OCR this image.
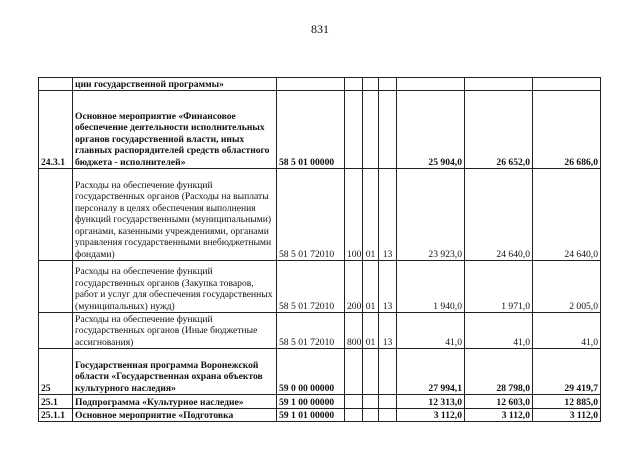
831
	ции государственной программы»							
24.3.1	Основное мероприятие «Финансовое обеспечение деятельности исполнительных органов государственной власти, иных главных распорядителей средств областного бюджета - исполнителей»	58 5 01 00000				25 904,0	26 652,0	26 686,0
	Расходы на обеспечение функций государственных органов (Расходы на выплаты персоналу в целях обеспечения выполнения функций государственными (муниципальными) органами, казенными учреждениями, органами управления государственными внебюджетными фондами)	58 5 01 72010	100	01	13	23 923,0	24 640,0	24 640,0
	Расходы на обеспечение функций государственных органов (Закупка товаров, работ и услуг для обеспечения государственных (муниципальных) нужд)	58 5 01 72010	200	01	13	1 940,0	1 971,0	2 005,0
	Расходы на обеспечение функций государственных органов (Иные бюджетные ассигнования)	58 5 01 72010	800	01	13	41,0	41,0	41,0
25	Государственная программа Воронежской области «Государственная охрана объектов культурного наследия»	59 0 00 00000				27 994,1	28 798,0	29 419,7
25.1	Подпрограмма «Культурное наследие»	59 1 00 00000				12 313,0	12 603,0	12 885,0
25.1.1	Основное мероприятие «Подготовка	59 1 01 00000				3 112,0	3 112,0	3 112,0
